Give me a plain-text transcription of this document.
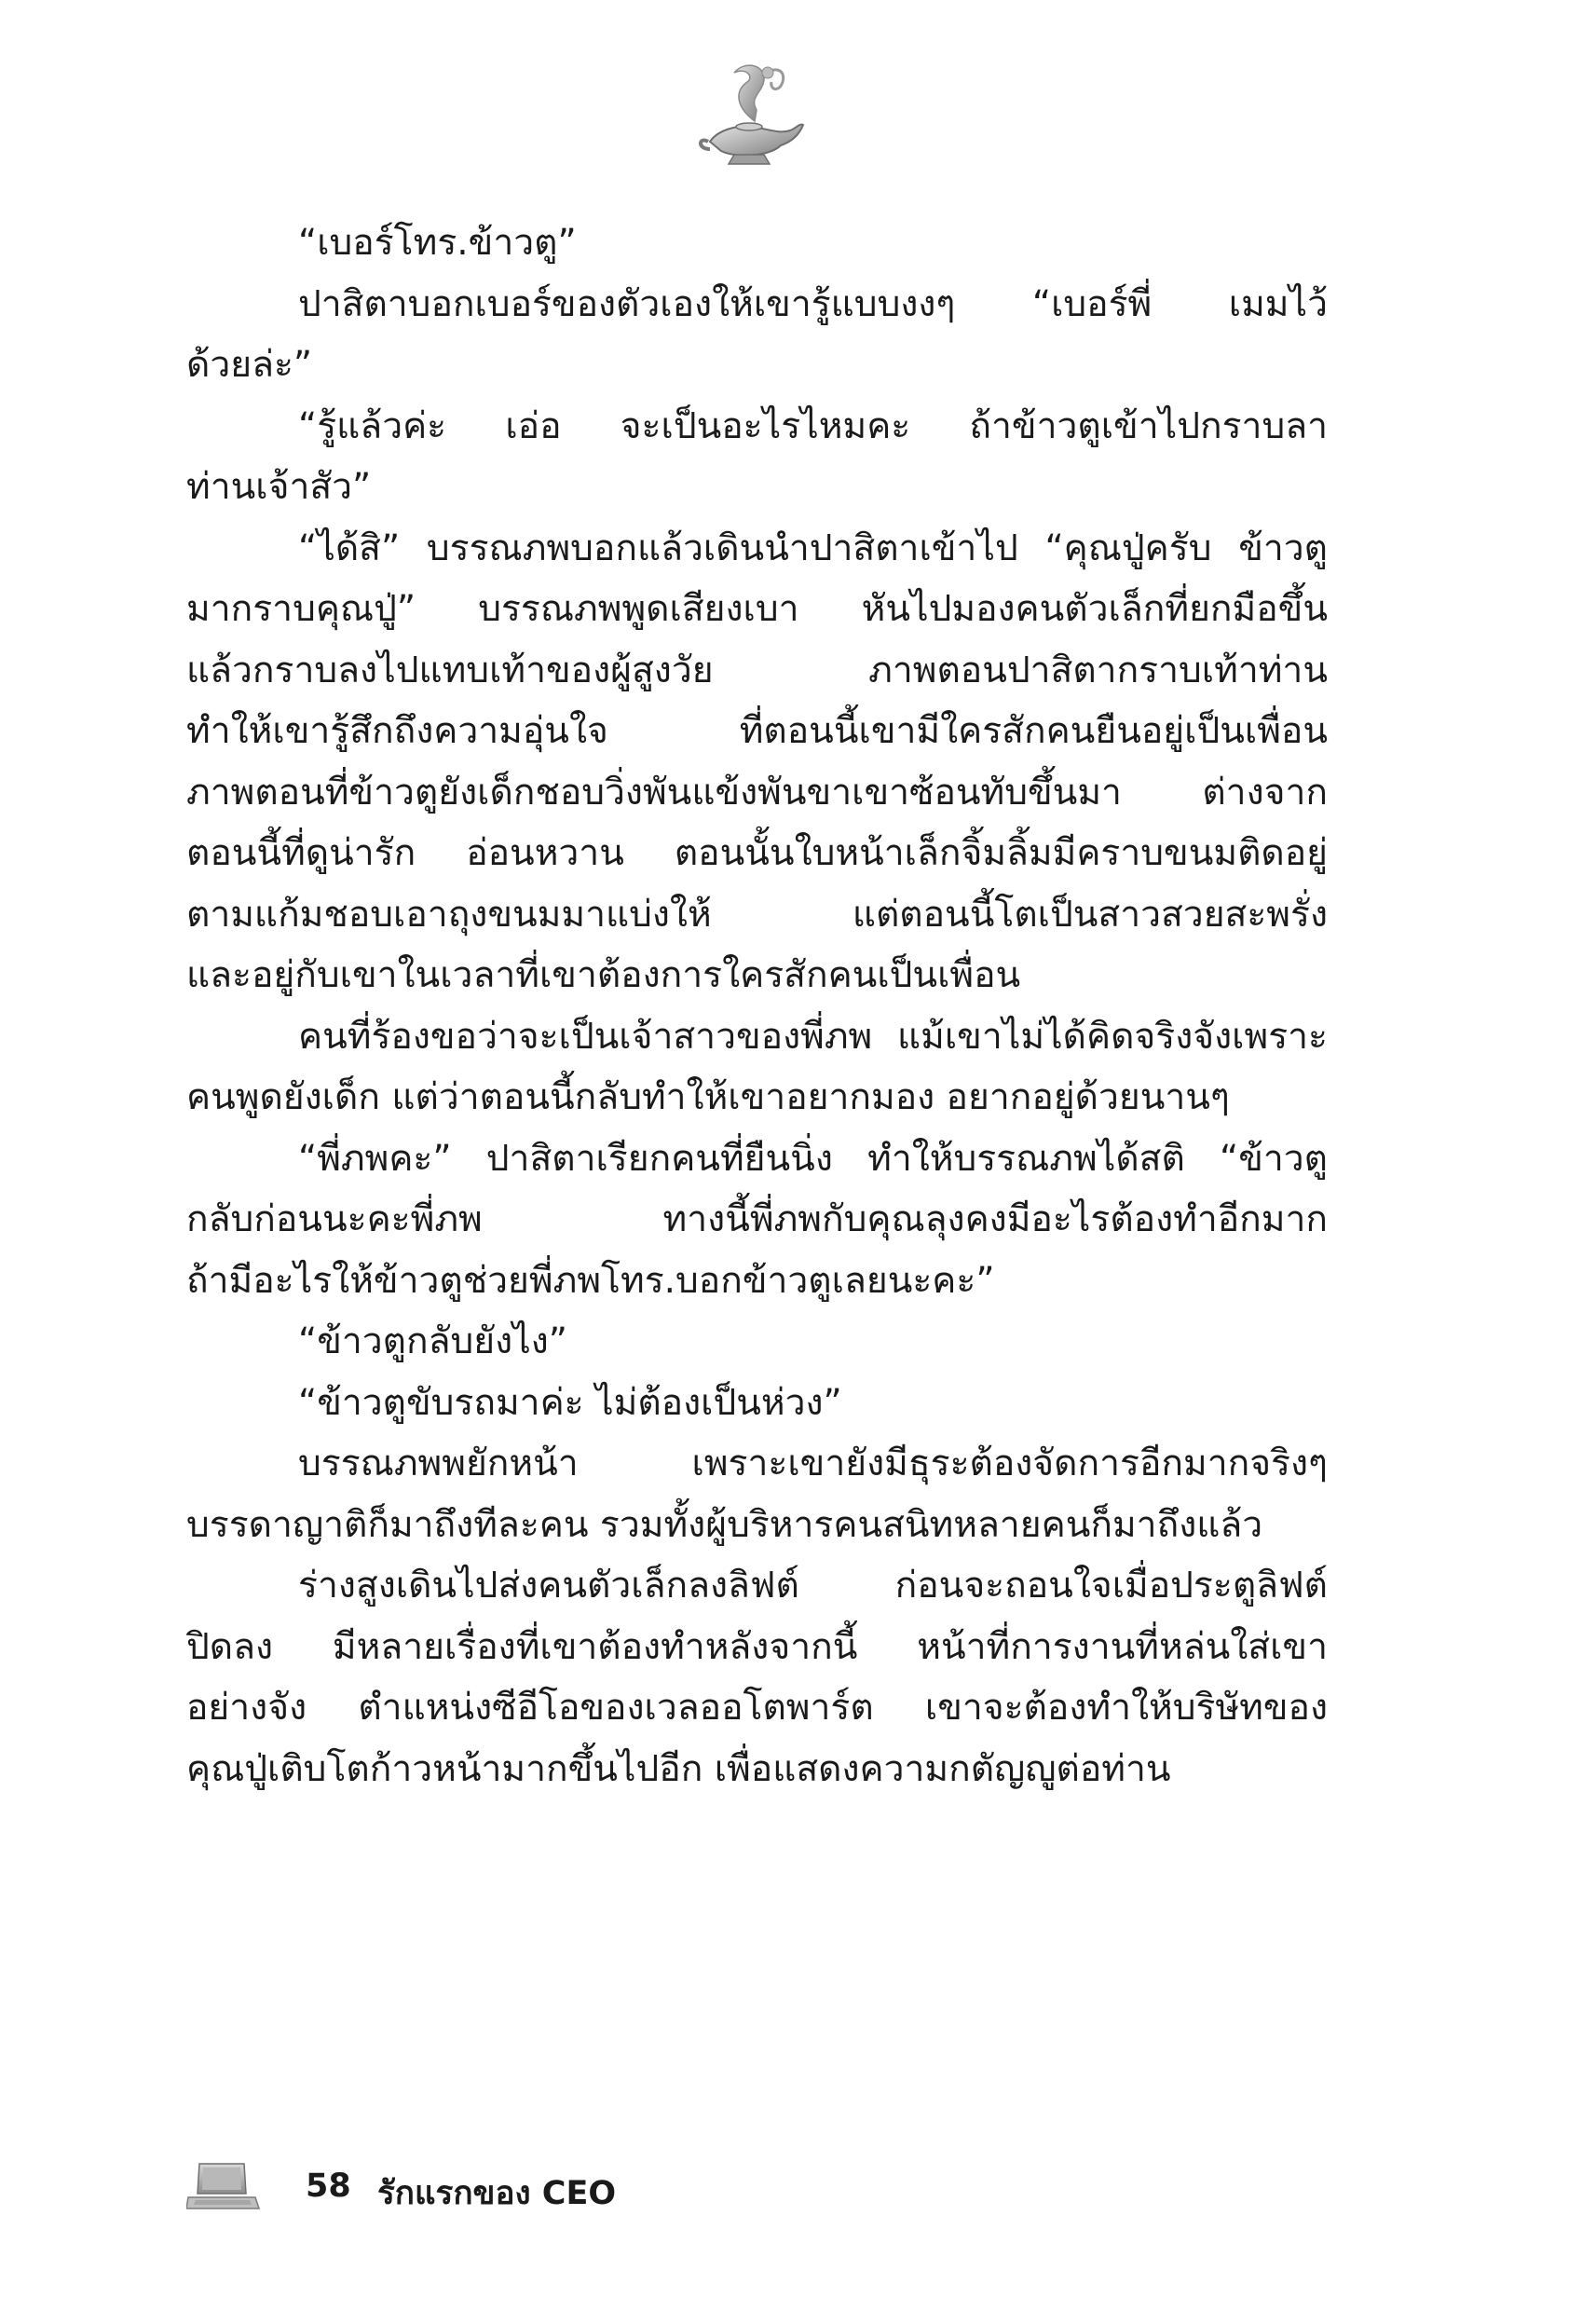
“เบอร์โทร.ข้าวตู”

ปาสิตาบอกเบอร์ของตัวเองให้เขารู้แบบงงๆ “เบอร์พี่ เมมไว้
ด้วยล่ะ”

“รู้แล้วค่ะ เอ่อ จะเป็นอะไรไหมคะ ถ้าข้าวตูเข้าไปกราบลา
ท่านเจ้าสัว”

“ได้สิ” บรรณภพบอกแล้วเดินนำปาสิตาเข้าไป “คุณปู่ครับ ข้าวตู
มากราบคุณปู่” บรรณภพพูดเสียงเบา หันไปมองคนตัวเล็กที่ยกมือขึ้น
แล้วกราบลงไปแทบเท้าของผู้สูงวัย ภาพตอนปาสิตากราบเท้าท่าน
ทำให้เขารู้สึกถึงความอุ่นใจ ที่ตอนนี้เขามีใครสักคนยืนอยู่เป็นเพื่อน
ภาพตอนที่ข้าวตูยังเด็กชอบวิ่งพันแข้งพันขาเขาซ้อนทับขึ้นมา ต่างจาก
ตอนนี้ที่ดูน่ารัก อ่อนหวาน ตอนนั้นใบหน้าเล็กจิ้มลิ้มมีคราบขนมติดอยู่
ตามแก้มชอบเอาถุงขนมมาแบ่งให้ แต่ตอนนี้โตเป็นสาวสวยสะพรั่ง
และอยู่กับเขาในเวลาที่เขาต้องการใครสักคนเป็นเพื่อน

คนที่ร้องขอว่าจะเป็นเจ้าสาวของพี่ภพ แม้เขาไม่ได้คิดจริงจังเพราะ
คนพูดยังเด็ก แต่ว่าตอนนี้กลับทำให้เขาอยากมอง อยากอยู่ด้วยนานๆ

“พี่ภพคะ” ปาสิตาเรียกคนที่ยืนนิ่ง ทำให้บรรณภพได้สติ “ข้าวตู
กลับก่อนนะคะพี่ภพ ทางนี้พี่ภพกับคุณลุงคงมีอะไรต้องทำอีกมาก
ถ้ามีอะไรให้ข้าวตูช่วยพี่ภพโทร.บอกข้าวตูเลยนะคะ”

“ข้าวตูกลับยังไง”

“ข้าวตูขับรถมาค่ะ ไม่ต้องเป็นห่วง”

บรรณภพพยักหน้า เพราะเขายังมีธุระต้องจัดการอีกมากจริงๆ
บรรดาญาติก็มาถึงทีละคน รวมทั้งผู้บริหารคนสนิทหลายคนก็มาถึงแล้ว

ร่างสูงเดินไปส่งคนตัวเล็กลงลิฟต์ ก่อนจะถอนใจเมื่อประตูลิฟต์
ปิดลง มีหลายเรื่องที่เขาต้องทำหลังจากนี้ หน้าที่การงานที่หล่นใส่เขา
อย่างจัง ตำแหน่งซีอีโอของเวลออโตพาร์ต เขาจะต้องทำให้บริษัทของ
คุณปู่เติบโตก้าวหน้ามากขึ้นไปอีก เพื่อแสดงความกตัญญูต่อท่าน

58 รักแรกของ CEO
